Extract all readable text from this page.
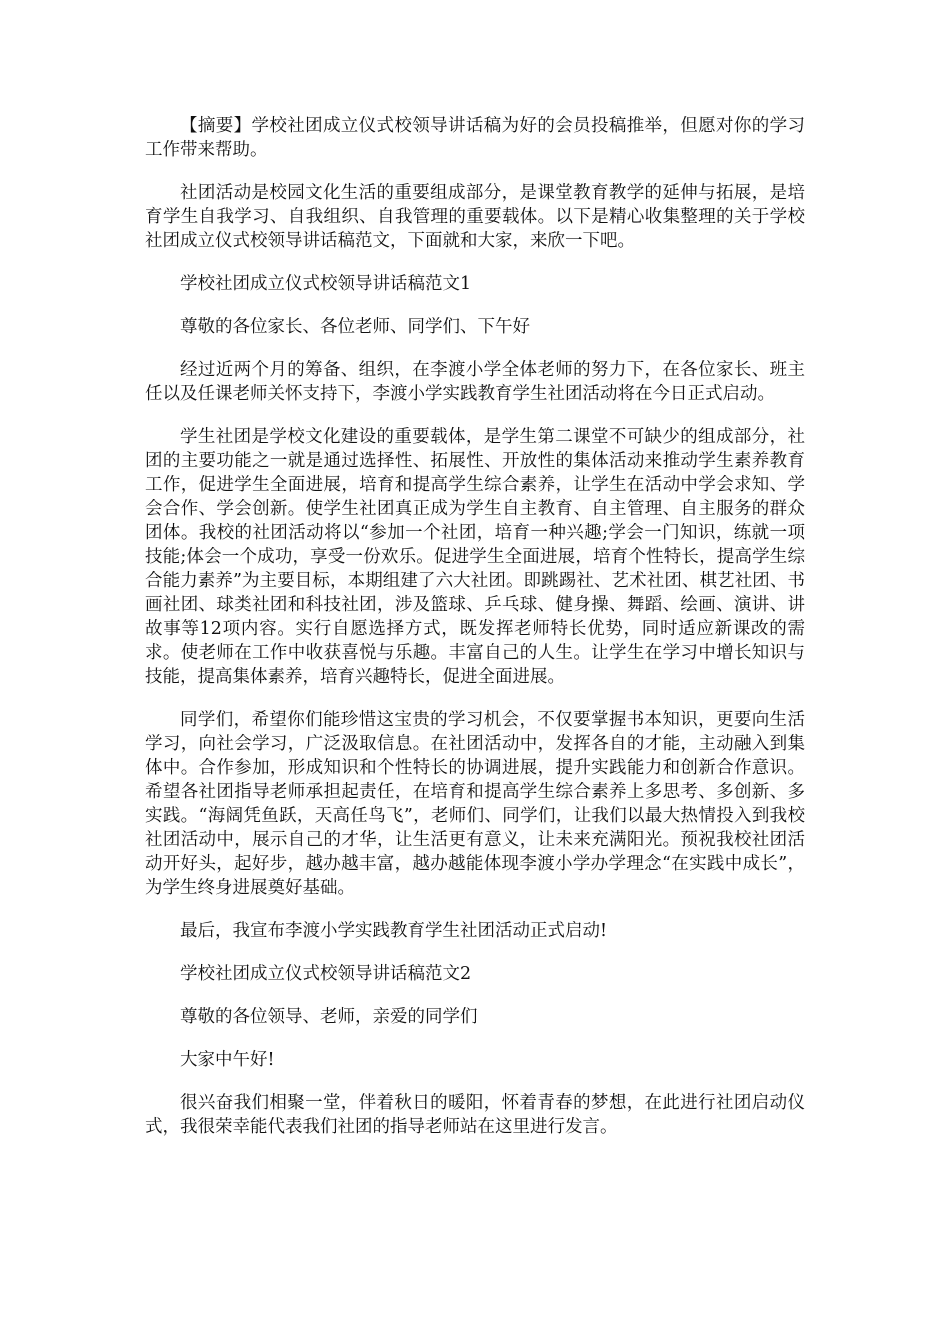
【摘要】学校社团成立仪式校领导讲话稿为好的会员投稿推举，但愿对你的学习工作带来帮助。

社团活动是校园文化生活的重要组成部分，是课堂教育教学的延伸与拓展，是培育学生自我学习、自我组织、自我管理的重要载体。以下是精心收集整理的关于学校社团成立仪式校领导讲话稿范文，下面就和大家，来欣一下吧。

学校社团成立仪式校领导讲话稿范文1

尊敬的各位家长、各位老师、同学们、下午好

经过近两个月的筹备、组织，在李渡小学全体老师的努力下，在各位家长、班主任以及任课老师关怀支持下，李渡小学实践教育学生社团活动将在今日正式启动。

学生社团是学校文化建设的重要载体，是学生第二课堂不可缺少的组成部分，社团的主要功能之一就是通过选择性、拓展性、开放性的集体活动来推动学生素养教育工作，促进学生全面进展，培育和提高学生综合素养，让学生在活动中学会求知、学会合作、学会创新。使学生社团真正成为学生自主教育、自主管理、自主服务的群众团体。我校的社团活动将以“参加一个社团，培育一种兴趣;学会一门知识，练就一项技能;体会一个成功，享受一份欢乐。促进学生全面进展，培育个性特长，提高学生综合能力素养”为主要目标，本期组建了六大社团。即跳踢社、艺术社团、棋艺社团、书画社团、球类社团和科技社团，涉及篮球、乒乓球、健身操、舞蹈、绘画、演讲、讲故事等12项内容。实行自愿选择方式，既发挥老师特长优势，同时适应新课改的需求。使老师在工作中收获喜悦与乐趣。丰富自己的人生。让学生在学习中增长知识与技能，提高集体素养，培育兴趣特长，促进全面进展。

同学们，希望你们能珍惜这宝贵的学习机会，不仅要掌握书本知识，更要向生活学习，向社会学习，广泛汲取信息。在社团活动中，发挥各自的才能，主动融入到集体中。合作参加，形成知识和个性特长的协调进展，提升实践能力和创新合作意识。希望各社团指导老师承担起责任，在培育和提高学生综合素养上多思考、多创新、多实践。“海阔凭鱼跃，天高任鸟飞”，老师们、同学们，让我们以最大热情投入到我校社团活动中，展示自己的才华，让生活更有意义，让未来充满阳光。预祝我校社团活动开好头，起好步，越办越丰富，越办越能体现李渡小学办学理念“在实践中成长”，为学生终身进展奠好基础。

最后，我宣布李渡小学实践教育学生社团活动正式启动!

学校社团成立仪式校领导讲话稿范文2

尊敬的各位领导、老师，亲爱的同学们

大家中午好!

很兴奋我们相聚一堂，伴着秋日的暖阳，怀着青春的梦想，在此进行社团启动仪式，我很荣幸能代表我们社团的指导老师站在这里进行发言。
